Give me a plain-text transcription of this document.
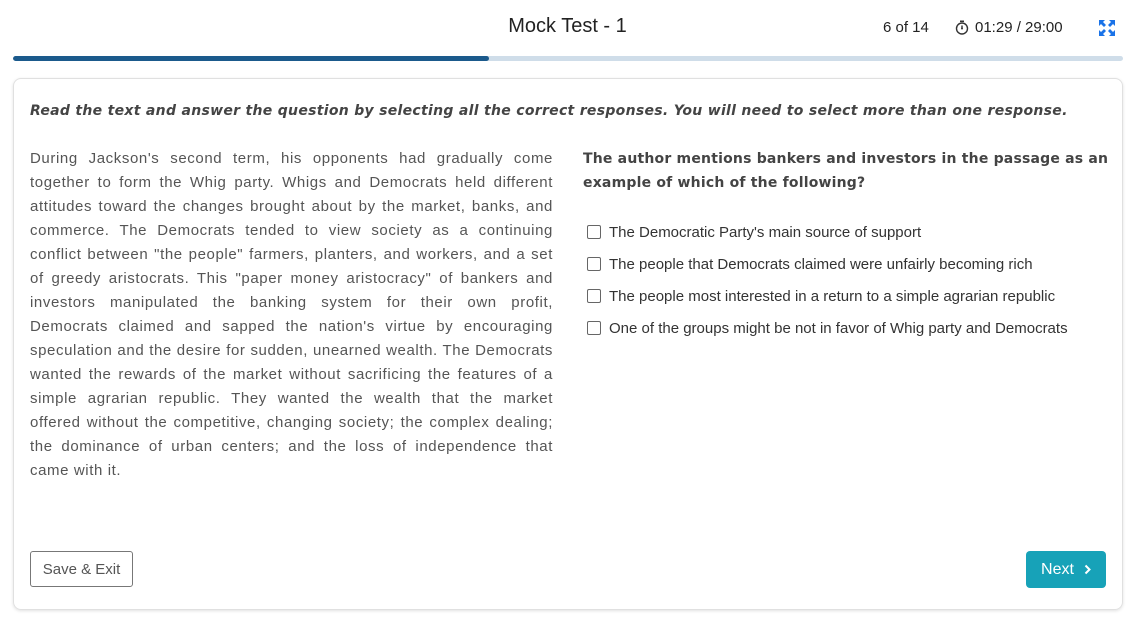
Mock Test - 1	6 of 14	01:29 / 29:00
Read the text and answer the question by selecting all the correct responses. You will need to select more than one response.

During Jackson's second term, his opponents had gradually come together to form the Whig party. Whigs and Democrats held different attitudes toward the changes brought about by the market, banks, and commerce. The Democrats tended to view society as a continuing conflict between "the people" farmers, planters, and workers, and a set of greedy aristocrats. This "paper money aristocracy" of bankers and investors manipulated the banking system for their own profit, Democrats claimed and sapped the nation's virtue by encouraging speculation and the desire for sudden, unearned wealth. The Democrats wanted the rewards of the market without sacrificing the features of a simple agrarian republic. They wanted the wealth that the market offered without the competitive, changing society; the complex dealing; the dominance of urban centers; and the loss of independence that came with it.

The author mentions bankers and investors in the passage as an example of which of the following?

The Democratic Party's main source of support
The people that Democrats claimed were unfairly becoming rich
The people most interested in a return to a simple agrarian republic
One of the groups might be not in favor of Whig party and Democrats
Save & Exit	Next
